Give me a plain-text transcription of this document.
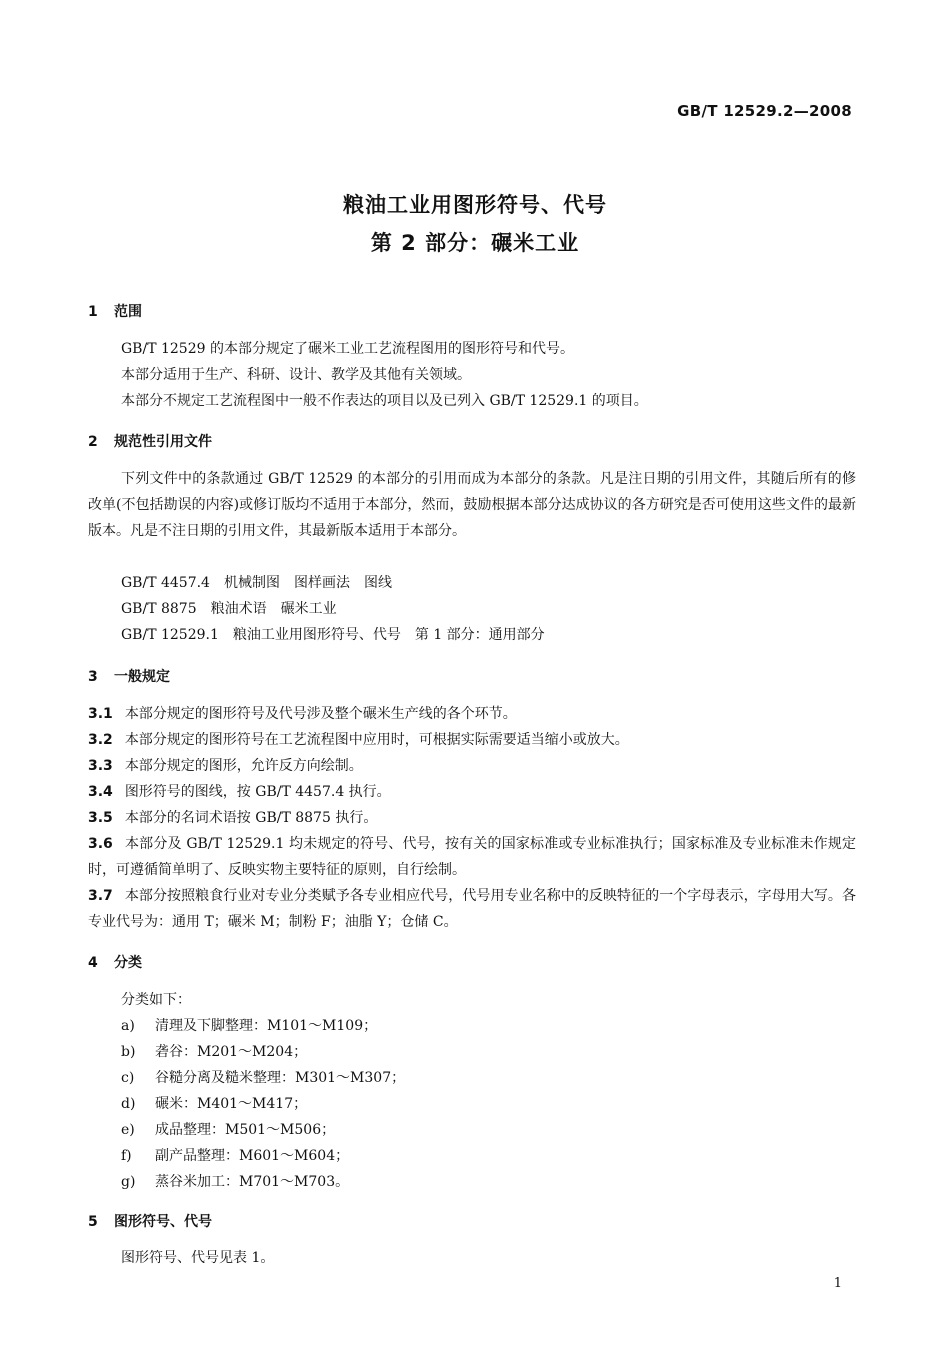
GB/T 12529.2—2008
粮油工业用图形符号、代号
第 2 部分：碾米工业
1 范围
GB/T 12529 的本部分规定了碾米工业工艺流程图用的图形符号和代号。
本部分适用于生产、科研、设计、教学及其他有关领域。
本部分不规定工艺流程图中一般不作表达的项目以及已列入 GB/T 12529.1 的项目。
2 规范性引用文件
下列文件中的条款通过 GB/T 12529 的本部分的引用而成为本部分的条款。凡是注日期的引用文件，其随后所有的修改单(不包括勘误的内容)或修订版均不适用于本部分，然而，鼓励根据本部分达成协议的各方研究是否可使用这些文件的最新版本。凡是不注日期的引用文件，其最新版本适用于本部分。
GB/T 4457.4　机械制图　图样画法　图线
GB/T 8875　粮油术语　碾米工业
GB/T 12529.1　粮油工业用图形符号、代号　第 1 部分：通用部分
3 一般规定
3.1 本部分规定的图形符号及代号涉及整个碾米生产线的各个环节。
3.2 本部分规定的图形符号在工艺流程图中应用时，可根据实际需要适当缩小或放大。
3.3 本部分规定的图形，允许反方向绘制。
3.4 图形符号的图线，按 GB/T 4457.4 执行。
3.5 本部分的名词术语按 GB/T 8875 执行。
3.6 本部分及 GB/T 12529.1 均未规定的符号、代号，按有关的国家标准或专业标准执行；国家标准及专业标准未作规定时，可遵循简单明了、反映实物主要特征的原则，自行绘制。
3.7 本部分按照粮食行业对专业分类赋予各专业相应代号，代号用专业名称中的反映特征的一个字母表示，字母用大写。各专业代号为：通用 T；碾米 M；制粉 F；油脂 Y；仓储 C。
4 分类
分类如下：
a) 清理及下脚整理：M101～M109；
b) 砻谷：M201～M204；
c) 谷糙分离及糙米整理：M301～M307；
d) 碾米：M401～M417；
e) 成品整理：M501～M506；
f) 副产品整理：M601～M604；
g) 蒸谷米加工：M701～M703。
5 图形符号、代号
图形符号、代号见表 1。
1
